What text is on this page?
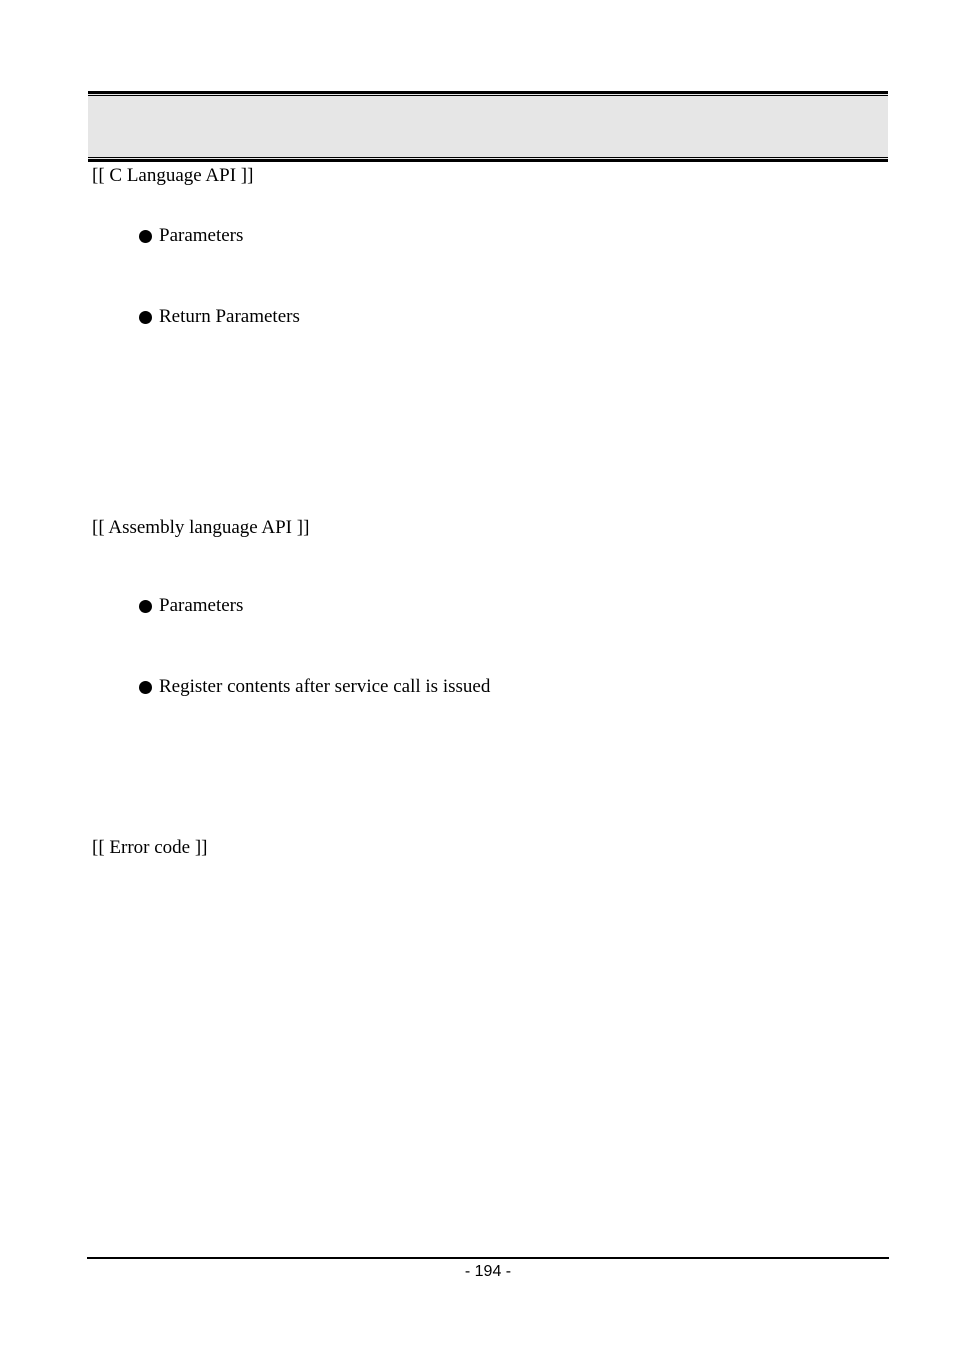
[[ C Language API ]]
Parameters
Return Parameters
[[ Assembly language API ]]
Parameters
Register contents after service call is issued
[[ Error code ]]
- 194 -
